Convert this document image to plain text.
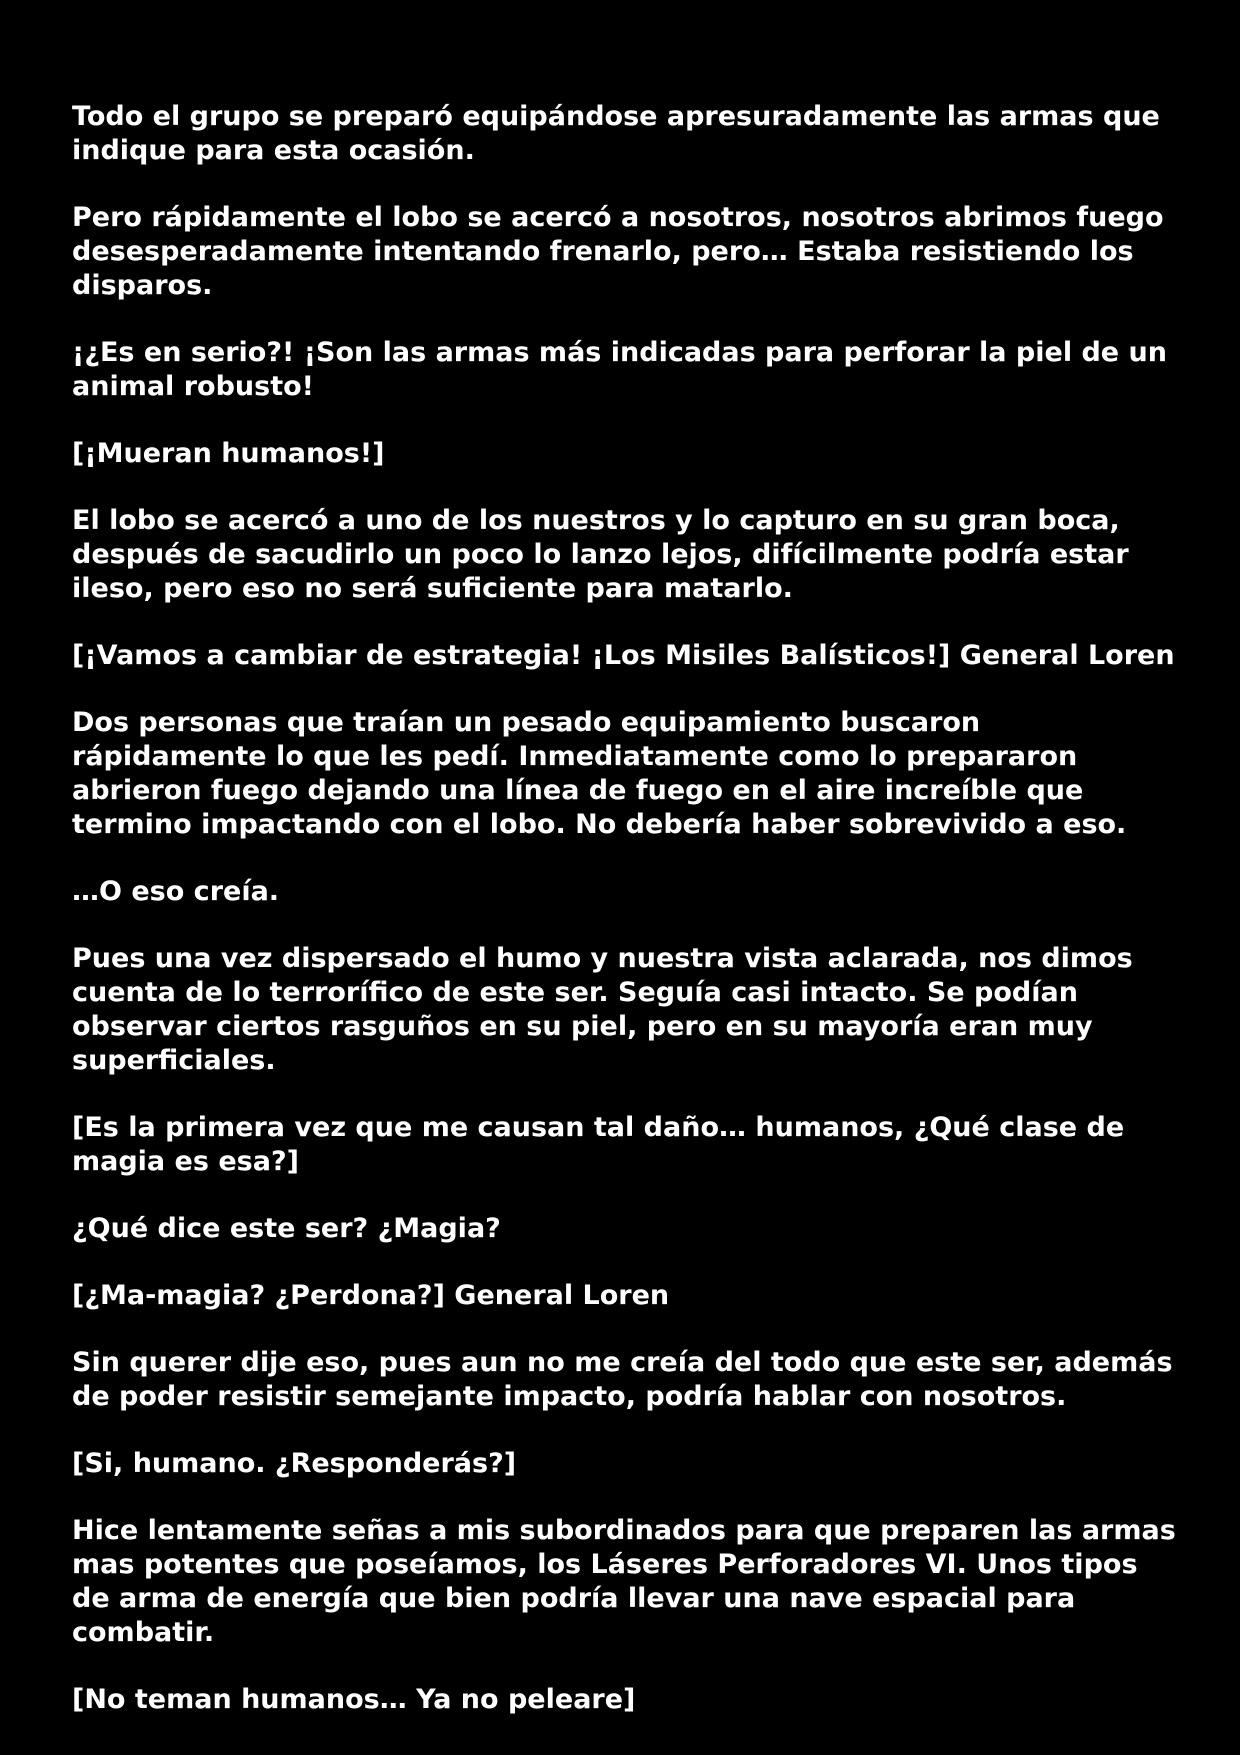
Todo el grupo se preparó equipándose apresuradamente las armas que indique para esta ocasión.

Pero rápidamente el lobo se acercó a nosotros, nosotros abrimos fuego desesperadamente intentando frenarlo, pero… Estaba resistiendo los disparos.

¡¿Es en serio?! ¡Son las armas más indicadas para perforar la piel de un animal robusto!

[¡Mueran humanos!]

El lobo se acercó a uno de los nuestros y lo capturo en su gran boca, después de sacudirlo un poco lo lanzo lejos, difícilmente podría estar ileso, pero eso no será suficiente para matarlo.

[¡Vamos a cambiar de estrategia! ¡Los Misiles Balísticos!] General Loren

Dos personas que traían un pesado equipamiento buscaron rápidamente lo que les pedí. Inmediatamente como lo prepararon abrieron fuego dejando una línea de fuego en el aire increíble que termino impactando con el lobo. No debería haber sobrevivido a eso.

…O eso creía.

Pues una vez dispersado el humo y nuestra vista aclarada, nos dimos cuenta de lo terrorífico de este ser. Seguía casi intacto. Se podían observar ciertos rasguños en su piel, pero en su mayoría eran muy superficiales.

[Es la primera vez que me causan tal daño… humanos, ¿Qué clase de magia es esa?]

¿Qué dice este ser? ¿Magia?

[¿Ma-magia? ¿Perdona?] General Loren

Sin querer dije eso, pues aun no me creía del todo que este ser, además de poder resistir semejante impacto, podría hablar con nosotros.

[Si, humano. ¿Responderás?]

Hice lentamente señas a mis subordinados para que preparen las armas mas potentes que poseíamos, los Láseres Perforadores VI. Unos tipos de arma de energía que bien podría llevar una nave espacial para combatir.

[No teman humanos… Ya no peleare]
